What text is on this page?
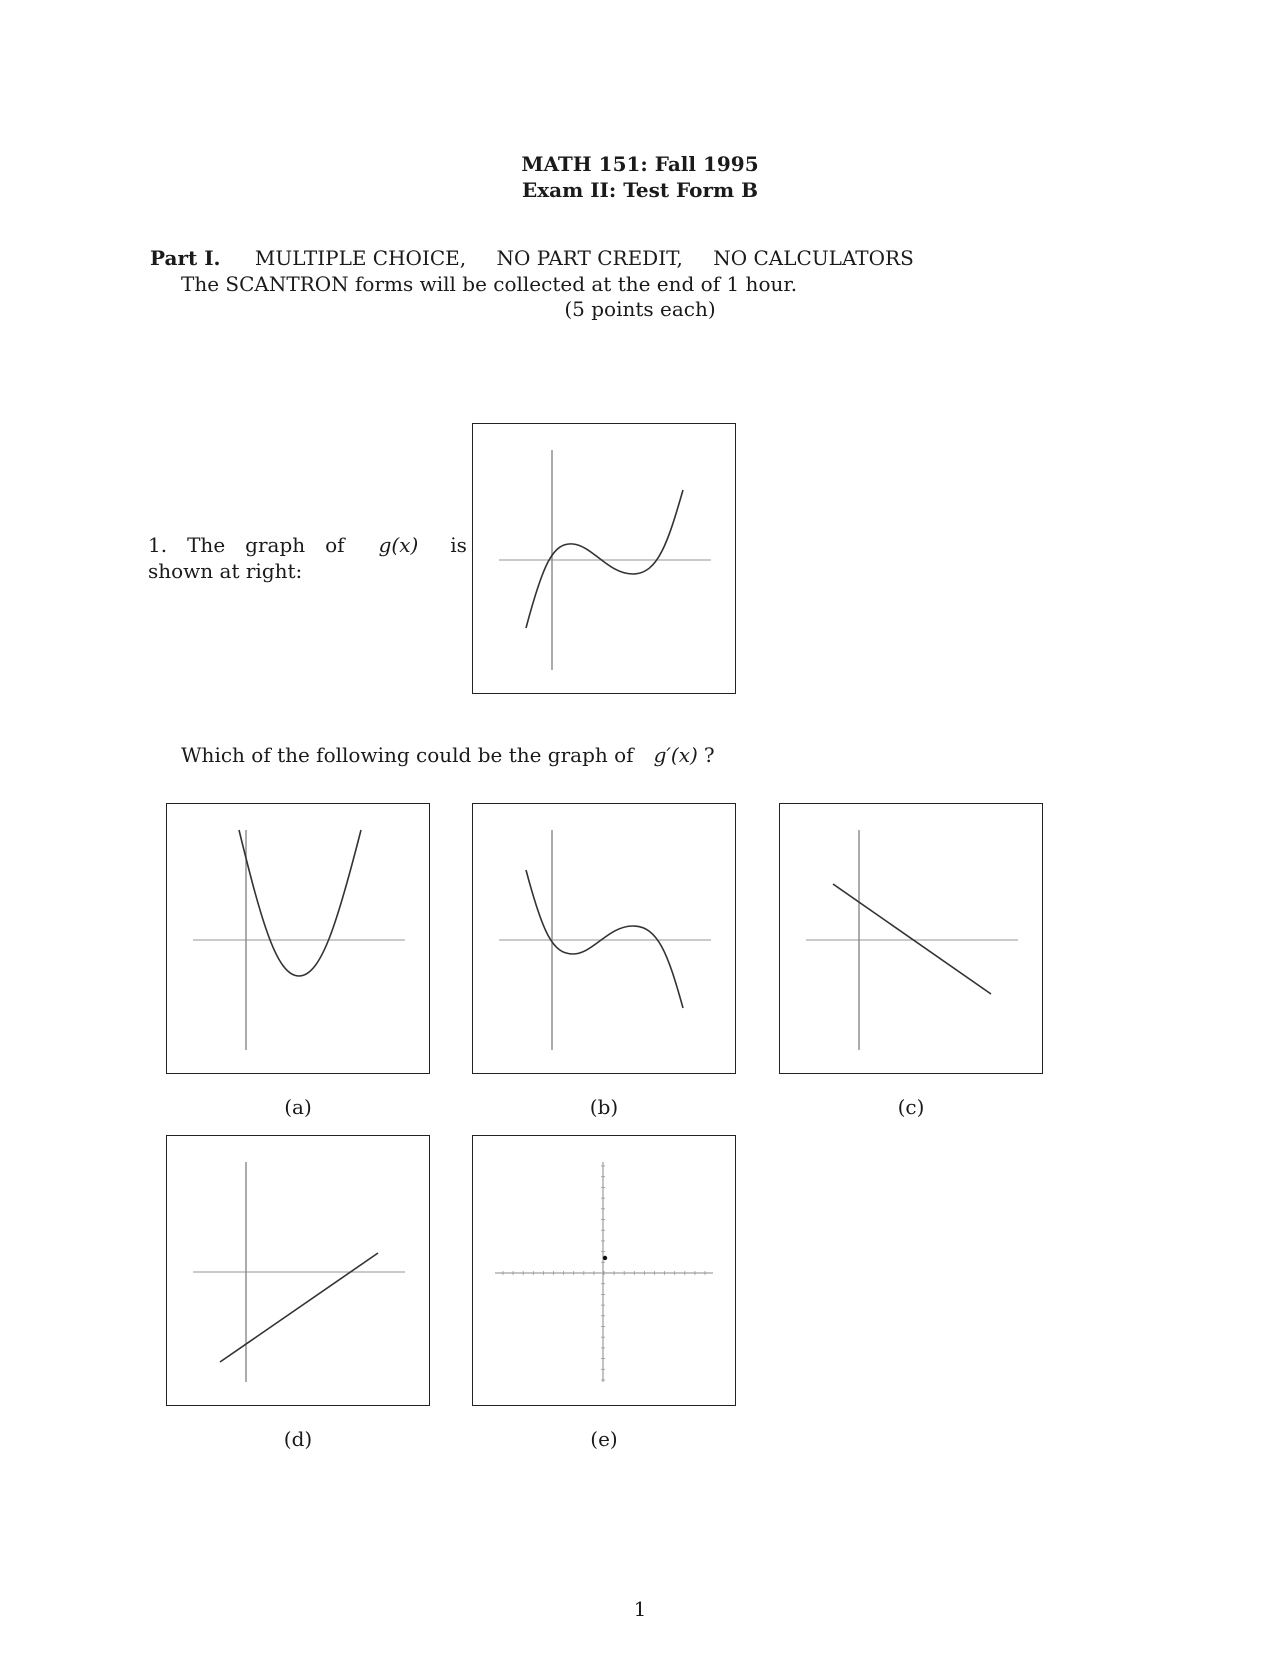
MATH 151: Fall 1995
Exam II: Test Form B
Part I. MULTIPLE CHOICE, NO PART CREDIT, NO CALCULATORS
The SCANTRON forms will be collected at the end of 1 hour.
(5 points each)
1. The graph of g(x) is
shown at right:
Which of the following could be the graph of g′(x) ?
(a)	(b)	(c)
(d)	(e)
1
